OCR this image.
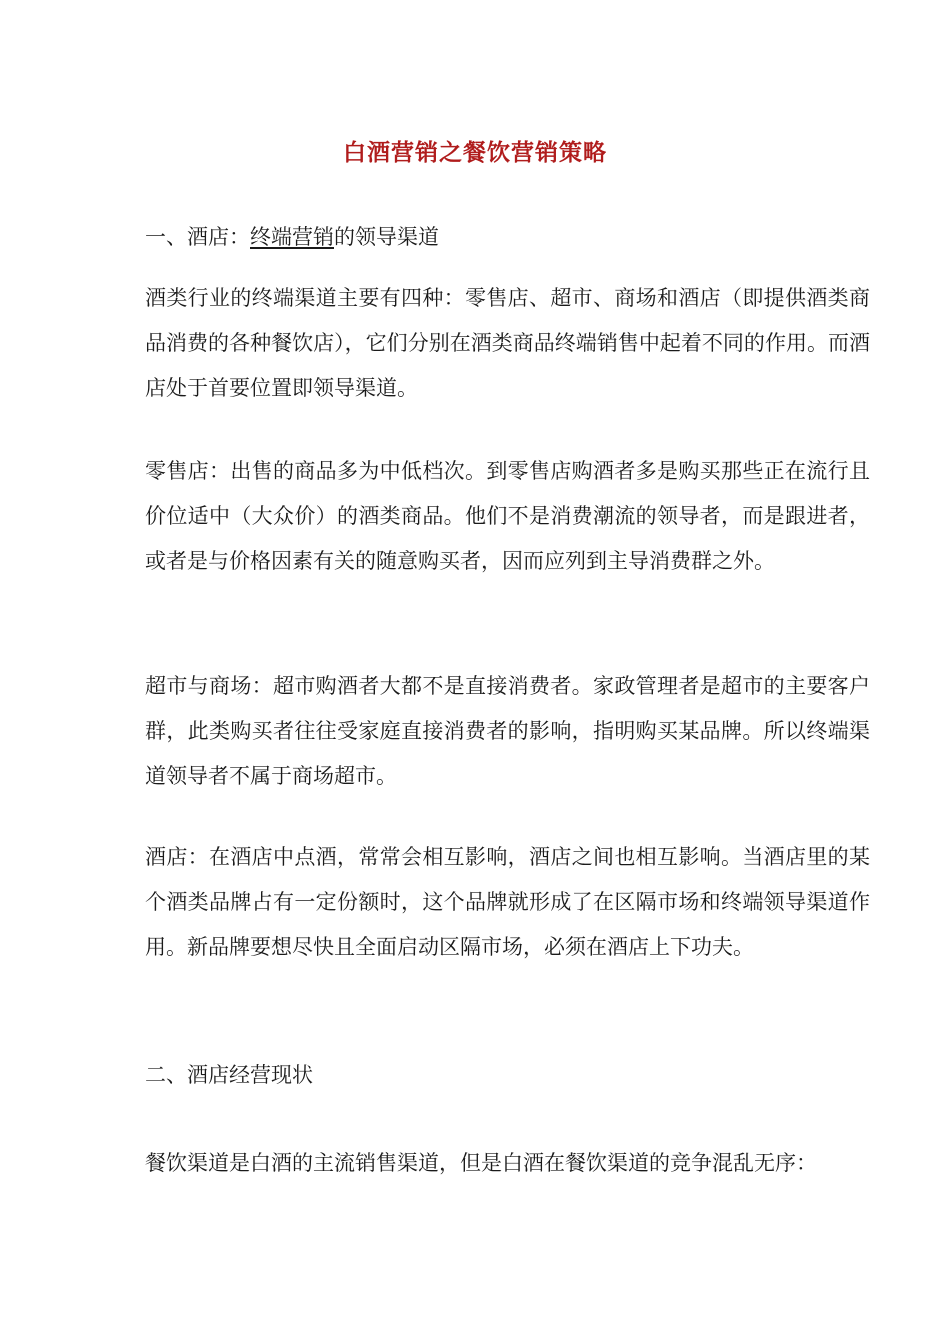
白酒营销之餐饮营销策略
一、酒店：终端营销的领导渠道
酒类行业的终端渠道主要有四种：零售店、超市、商场和酒店（即提供酒类商品消费的各种餐饮店），它们分别在酒类商品终端销售中起着不同的作用。而酒店处于首要位置即领导渠道。
零售店：出售的商品多为中低档次。到零售店购酒者多是购买那些正在流行且价位适中（大众价）的酒类商品。他们不是消费潮流的领导者，而是跟进者，或者是与价格因素有关的随意购买者，因而应列到主导消费群之外。
超市与商场：超市购酒者大都不是直接消费者。家政管理者是超市的主要客户群，此类购买者往往受家庭直接消费者的影响，指明购买某品牌。所以终端渠道领导者不属于商场超市。
酒店：在酒店中点酒，常常会相互影响，酒店之间也相互影响。当酒店里的某个酒类品牌占有一定份额时，这个品牌就形成了在区隔市场和终端领导渠道作用。新品牌要想尽快且全面启动区隔市场，必须在酒店上下功夫。
二、酒店经营现状
餐饮渠道是白酒的主流销售渠道，但是白酒在餐饮渠道的竞争混乱无序：
